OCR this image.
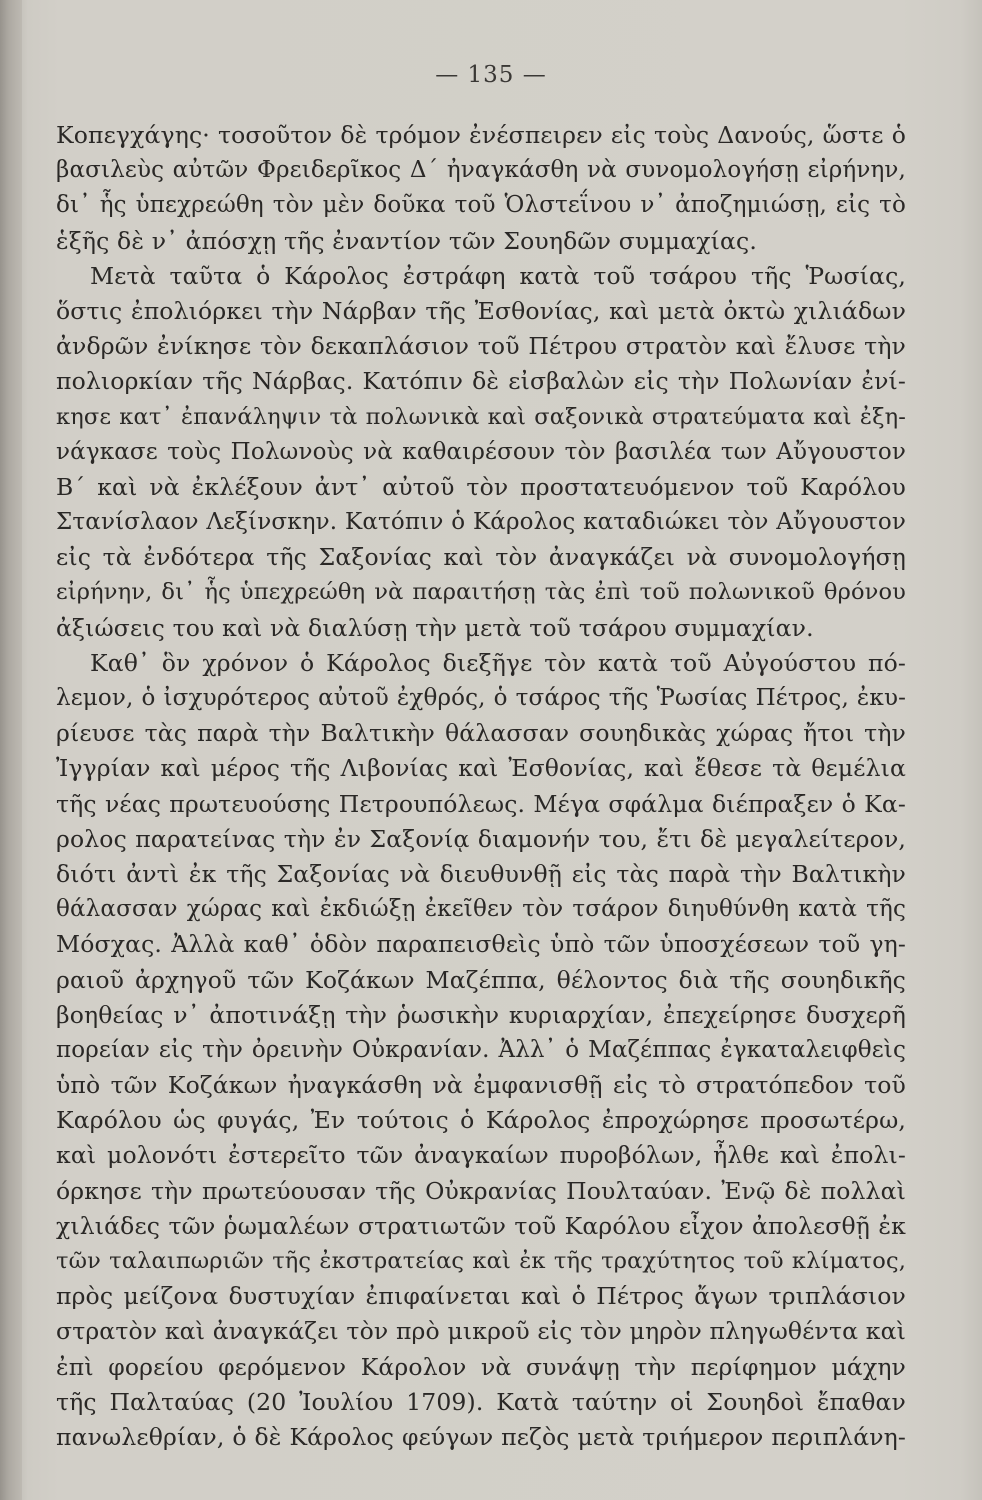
— 135 —
Κοπεγχάγης· τοσοῦτον δὲ τρόμον ἐνέσπειρεν εἰς τοὺς Δανούς, ὥστε ὁ
βασιλεὺς αὐτῶν Φρειδερῖκος Δ΄ ἠναγκάσθη νὰ συνομολογήσῃ εἰρήνην,
δι᾽ ἧς ὑπεχρεώθη τὸν μὲν δοῦκα τοῦ Ὁλστεΐνου ν᾽ ἀποζημιώσῃ, εἰς τὸ
ἑξῆς δὲ ν᾽ ἀπόσχῃ τῆς ἐναντίον τῶν Σουηδῶν συμμαχίας.
Μετὰ ταῦτα ὁ Κάρολος ἐστράφη κατὰ τοῦ τσάρου τῆς Ῥωσίας,
ὅστις ἐπολιόρκει τὴν Νάρβαν τῆς Ἐσθονίας, καὶ μετὰ ὀκτὼ χιλιάδων
ἀνδρῶν ἐνίκησε τὸν δεκαπλάσιον τοῦ Πέτρου στρατὸν καὶ ἔλυσε τὴν
πολιορκίαν τῆς Νάρβας. Κατόπιν δὲ εἰσβαλὼν εἰς τὴν Πολωνίαν ἐνί-
κησε κατ᾽ ἐπανάληψιν τὰ πολωνικὰ καὶ σαξονικὰ στρατεύματα καὶ ἐξη-
νάγκασε τοὺς Πολωνοὺς νὰ καθαιρέσουν τὸν βασιλέα των Αὔγουστον
Β΄ καὶ νὰ ἐκλέξουν ἀντ᾽ αὐτοῦ τὸν προστατευόμενον τοῦ Καρόλου
Στανίσλαον Λεξίνσκην. Κατόπιν ὁ Κάρολος καταδιώκει τὸν Αὔγουστον
εἰς τὰ ἐνδότερα τῆς Σαξονίας καὶ τὸν ἀναγκάζει νὰ συνομολογήσῃ
εἰρήνην, δι᾽ ἧς ὑπεχρεώθη νὰ παραιτήσῃ τὰς ἐπὶ τοῦ πολωνικοῦ θρόνου
ἀξιώσεις του καὶ νὰ διαλύσῃ τὴν μετὰ τοῦ τσάρου συμμαχίαν.
Καθ᾽ ὃν χρόνον ὁ Κάρολος διεξῆγε τὸν κατὰ τοῦ Αὐγούστου πό-
λεμον, ὁ ἰσχυρότερος αὐτοῦ ἐχθρός, ὁ τσάρος τῆς Ῥωσίας Πέτρος, ἐκυ-
ρίευσε τὰς παρὰ τὴν Βαλτικὴν θάλασσαν σουηδικὰς χώρας ἤτοι τὴν
Ἰγγρίαν καὶ μέρος τῆς Λιβονίας καὶ Ἐσθονίας, καὶ ἔθεσε τὰ θεμέλια
τῆς νέας πρωτευούσης Πετρουπόλεως. Μέγα σφάλμα διέπραξεν ὁ Κα-
ρολος παρατείνας τὴν ἐν Σαξονίᾳ διαμονήν του, ἔτι δὲ μεγαλείτερον,
διότι ἀντὶ ἐκ τῆς Σαξονίας νὰ διευθυνθῇ εἰς τὰς παρὰ τὴν Βαλτικὴν
θάλασσαν χώρας καὶ ἐκδιώξῃ ἐκεῖθεν τὸν τσάρον διηυθύνθη κατὰ τῆς
Μόσχας. Ἀλλὰ καθ᾽ ὁδὸν παραπεισθεὶς ὑπὸ τῶν ὑποσχέσεων τοῦ γη-
ραιοῦ ἀρχηγοῦ τῶν Κοζάκων Μαζέππα, θέλοντος διὰ τῆς σουηδικῆς
βοηθείας ν᾽ ἀποτινάξῃ τὴν ῥωσικὴν κυριαρχίαν, ἐπεχείρησε δυσχερῆ
πορείαν εἰς τὴν ὀρεινὴν Οὐκρανίαν. Ἀλλ᾽ ὁ Μαζέππας ἐγκαταλειφθεὶς
ὑπὸ τῶν Κοζάκων ἠναγκάσθη νὰ ἐμφανισθῇ εἰς τὸ στρατόπεδον τοῦ
Καρόλου ὡς φυγάς, Ἐν τούτοις ὁ Κάρολος ἐπροχώρησε προσωτέρω,
καὶ μολονότι ἐστερεῖτο τῶν ἀναγκαίων πυροβόλων, ἦλθε καὶ ἐπολι-
όρκησε τὴν πρωτεύουσαν τῆς Οὐκρανίας Πουλταύαν. Ἐνῷ δὲ πολλαὶ
χιλιάδες τῶν ῥωμαλέων στρατιωτῶν τοῦ Καρόλου εἶχον ἀπολεσθῇ ἐκ
τῶν ταλαιπωριῶν τῆς ἐκστρατείας καὶ ἐκ τῆς τραχύτητος τοῦ κλίματος,
πρὸς μείζονα δυστυχίαν ἐπιφαίνεται καὶ ὁ Πέτρος ἄγων τριπλάσιον
στρατὸν καὶ ἀναγκάζει τὸν πρὸ μικροῦ εἰς τὸν μηρὸν πληγωθέντα καὶ
ἐπὶ φορείου φερόμενον Κάρολον νὰ συνάψῃ τὴν περίφημον μάχην
τῆς Παλταύας (20 Ἰουλίου 1709). Κατὰ ταύτην οἱ Σουηδοὶ ἔπαθαν
πανωλεθρίαν, ὁ δὲ Κάρολος φεύγων πεζὸς μετὰ τριήμερον περιπλάνη-
